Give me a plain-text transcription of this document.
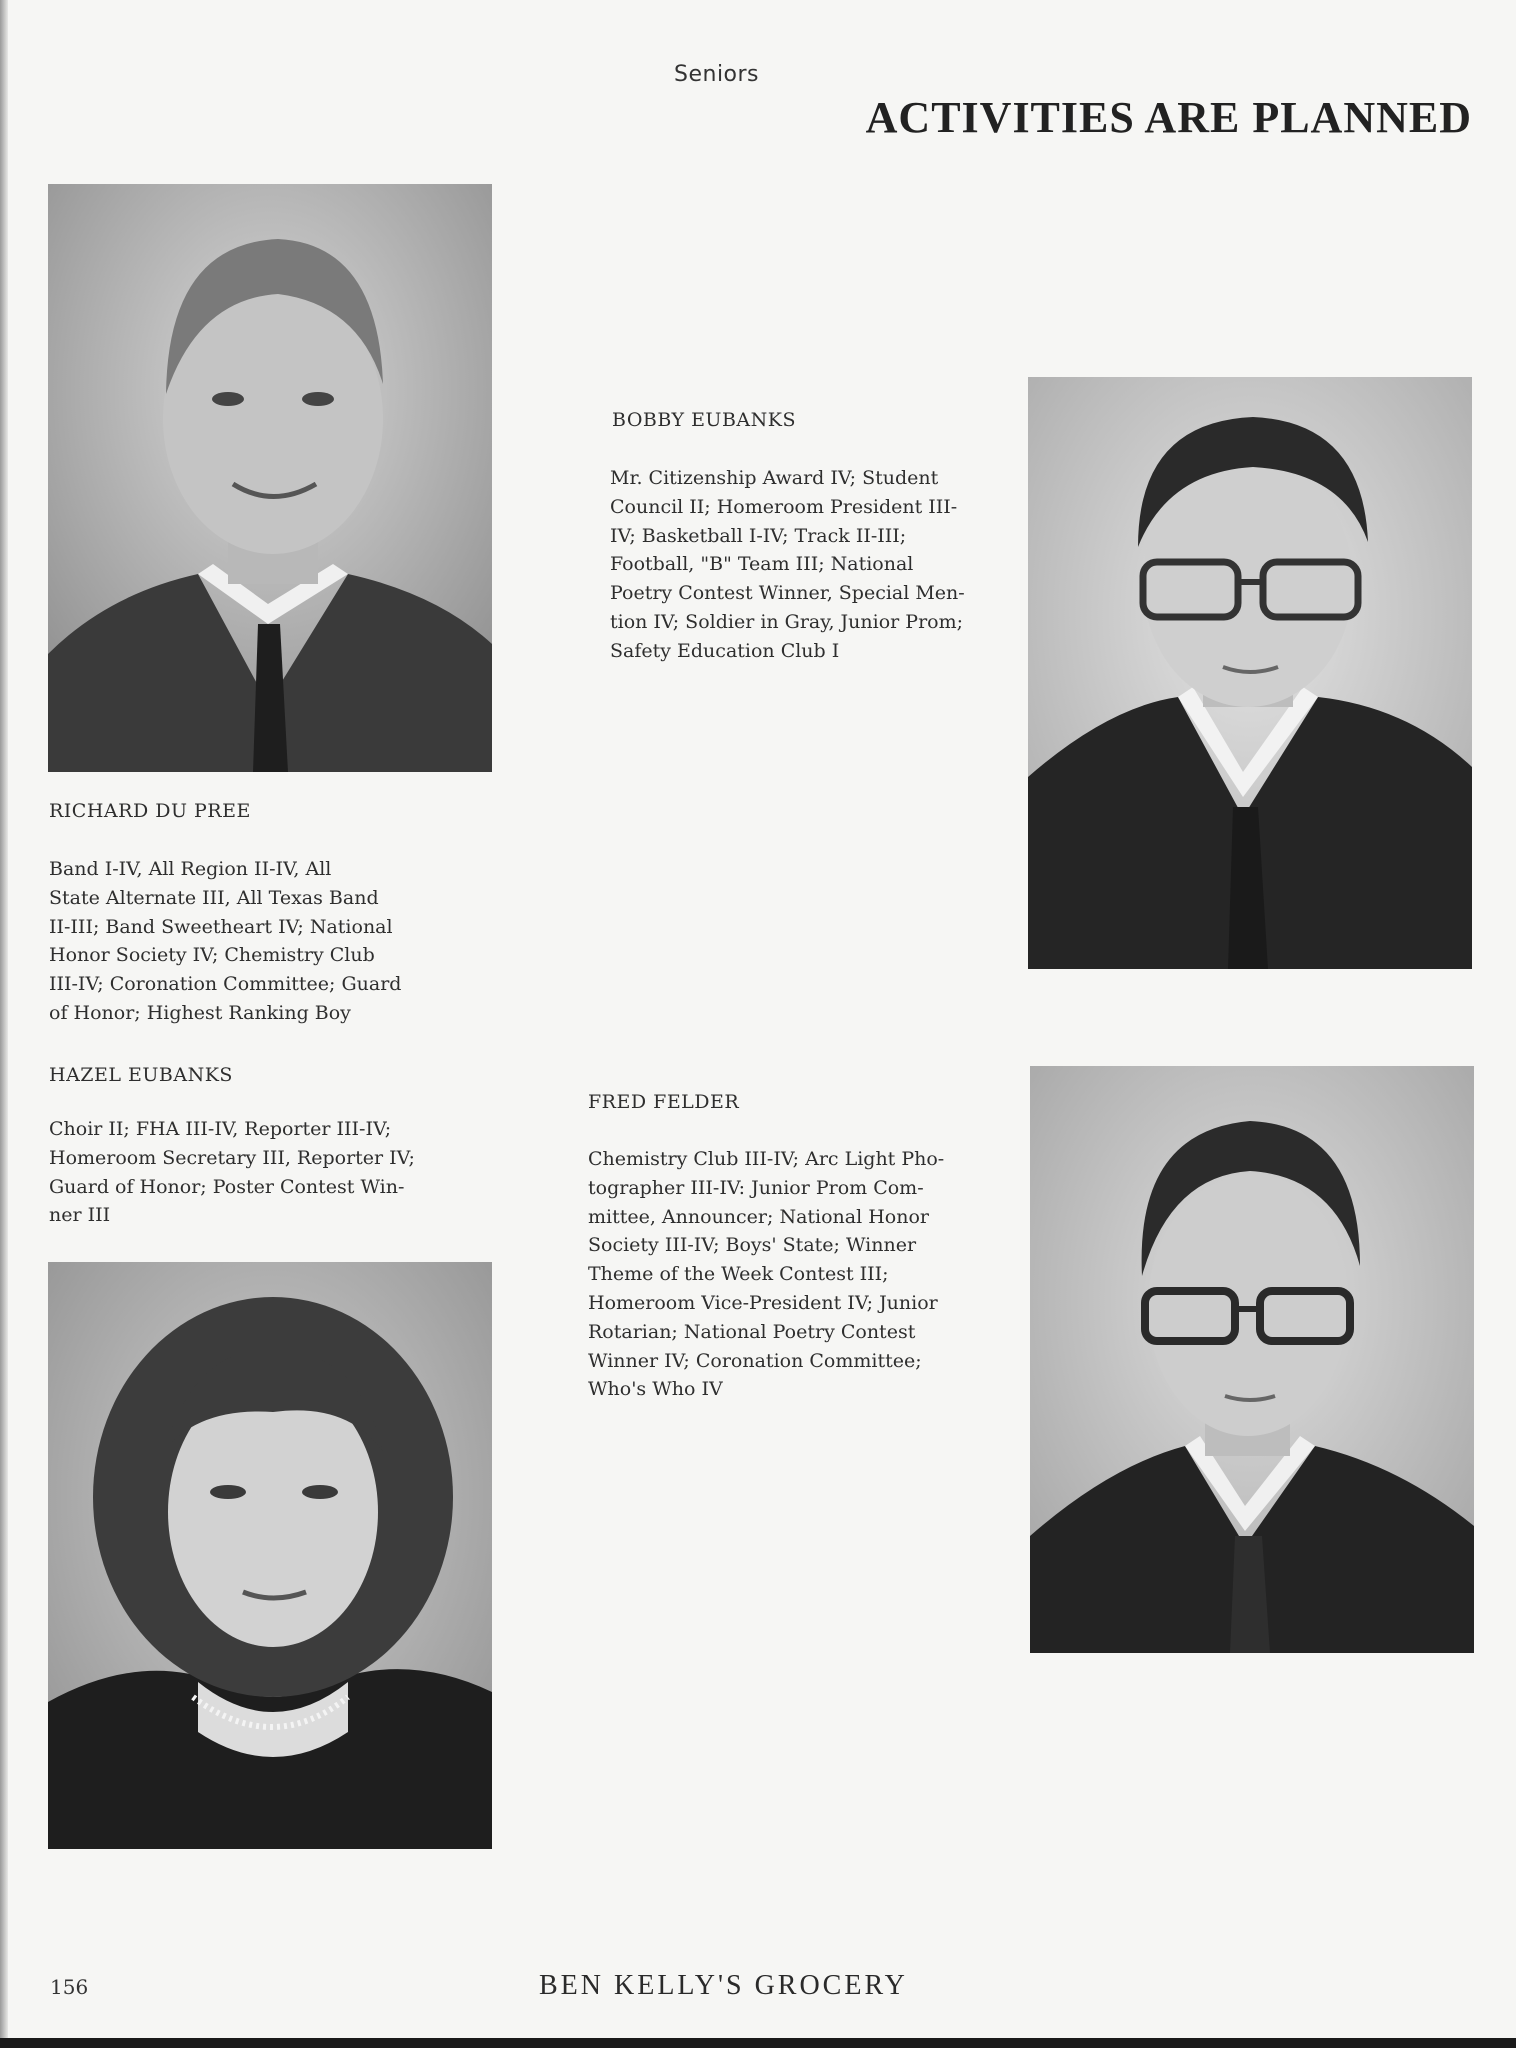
Seniors
ACTIVITIES ARE PLANNED
RICHARD DU PREE
Band I-IV, All Region II-IV, All
State Alternate III, All Texas Band
II-III; Band Sweetheart IV; National
Honor Society IV; Chemistry Club
III-IV; Coronation Committee; Guard
of Honor; Highest Ranking Boy
BOBBY EUBANKS
Mr. Citizenship Award IV; Student
Council II; Homeroom President III-
IV; Basketball I-IV; Track II-III;
Football, "B" Team III; National
Poetry Contest Winner, Special Men-
tion IV; Soldier in Gray, Junior Prom;
Safety Education Club I
HAZEL EUBANKS
Choir II; FHA III-IV, Reporter III-IV;
Homeroom Secretary III, Reporter IV;
Guard of Honor; Poster Contest Win-
ner III
FRED FELDER
Chemistry Club III-IV; Arc Light Pho-
tographer III-IV: Junior Prom Com-
mittee, Announcer; National Honor
Society III-IV; Boys' State; Winner
Theme of the Week Contest III;
Homeroom Vice-President IV; Junior
Rotarian; National Poetry Contest
Winner IV; Coronation Committee;
Who's Who IV
156	BEN KELLY'S GROCERY
